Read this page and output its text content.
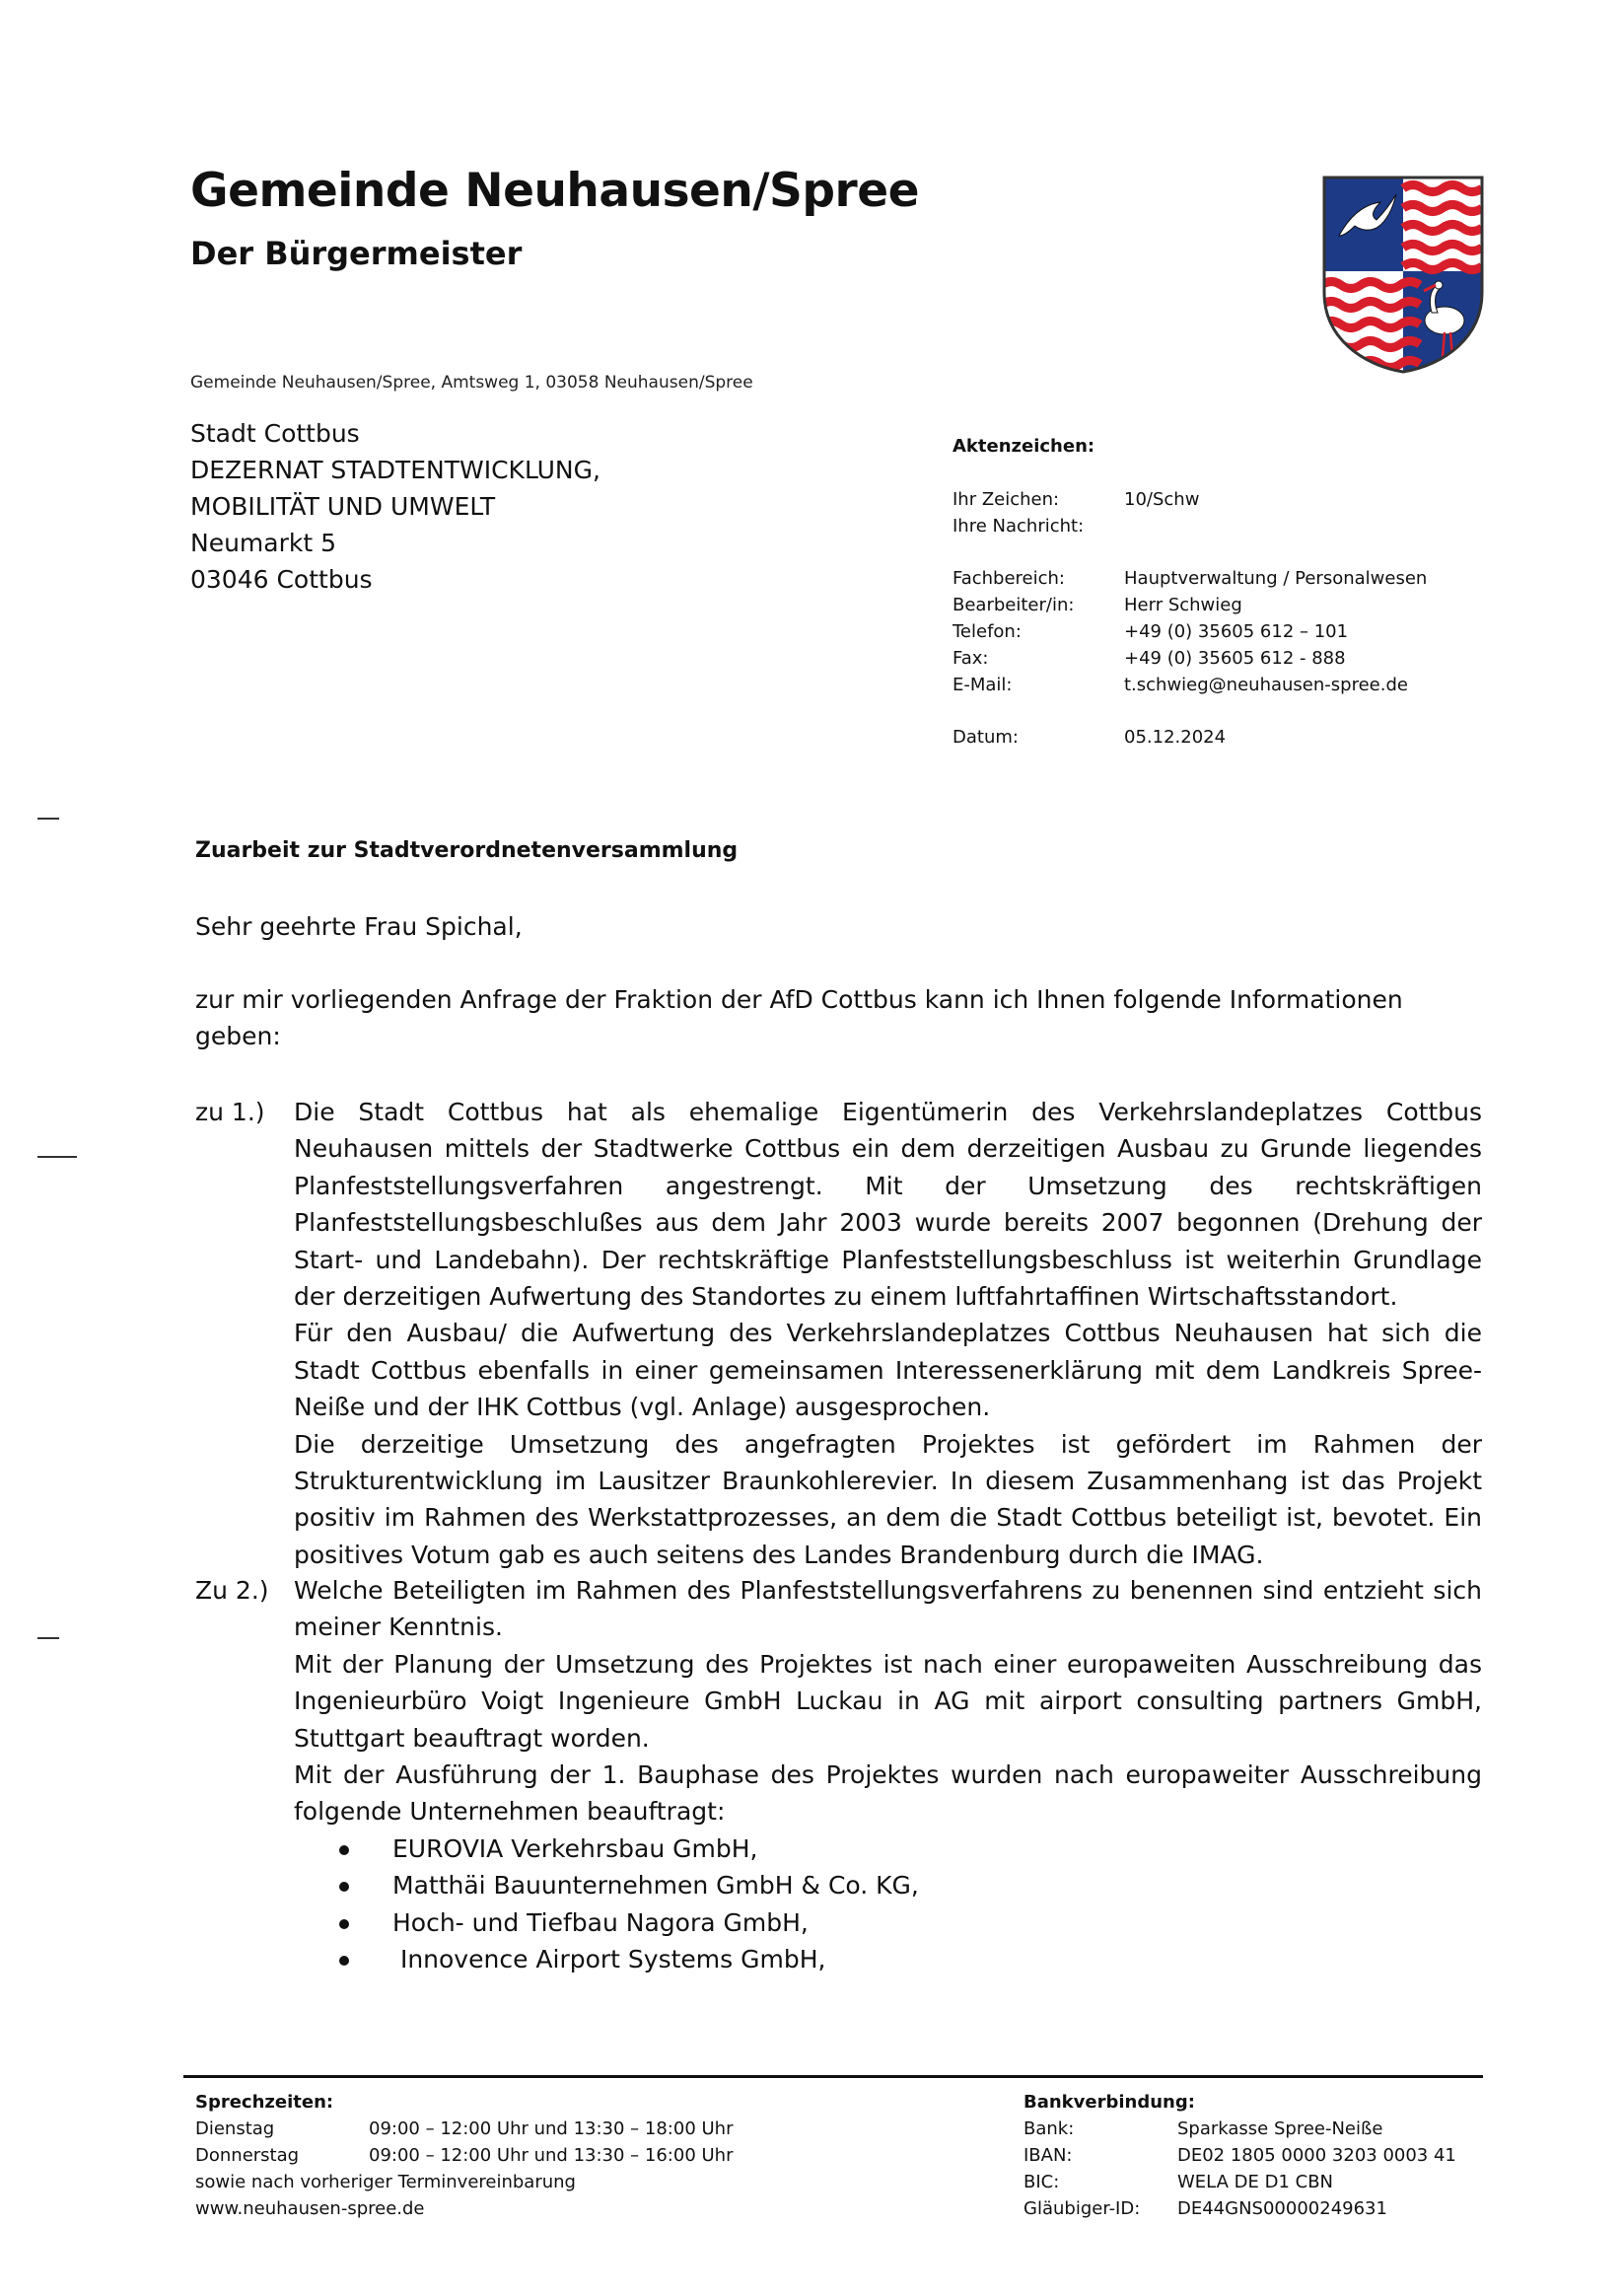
Gemeinde Neuhausen/Spree
Der Bürgermeister
Gemeinde Neuhausen/Spree, Amtsweg 1, 03058 Neuhausen/Spree
Stadt Cottbus
DEZERNAT STADTENTWICKLUNG,
MOBILITÄT UND UMWELT
Neumarkt 5
03046 Cottbus
Aktenzeichen:
Ihr Zeichen:	10/Schw
Ihre Nachricht:
Fachbereich:	Hauptverwaltung / Personalwesen
Bearbeiter/in:	Herr Schwieg
Telefon:	+49 (0) 35605 612 – 101
Fax:	+49 (0) 35605 612 - 888
E-Mail:	t.schwieg@neuhausen-spree.de
Datum:	05.12.2024
Zuarbeit zur Stadtverordnetenversammlung
Sehr geehrte Frau Spichal,
zur mir vorliegenden Anfrage der Fraktion der AfD Cottbus kann ich Ihnen folgende Informationen geben:
zu 1.)	Die Stadt Cottbus hat als ehemalige Eigentümerin des Verkehrslandeplatzes Cottbus Neuhausen mittels der Stadtwerke Cottbus ein dem derzeitigen Ausbau zu Grunde liegendes Planfeststellungsverfahren angestrengt. Mit der Umsetzung des rechtskräftigen Planfeststellungsbeschlußes aus dem Jahr 2003 wurde bereits 2007 begonnen (Drehung der Start- und Landebahn). Der rechtskräftige Planfeststellungsbeschluss ist weiterhin Grundlage der derzeitigen Aufwertung des Standortes zu einem luftfahrtaffinen Wirtschaftsstandort.

Für den Ausbau/ die Aufwertung des Verkehrslandeplatzes Cottbus Neuhausen hat sich die Stadt Cottbus ebenfalls in einer gemeinsamen Interessenerklärung mit dem Landkreis Spree-Neiße und der IHK Cottbus (vgl. Anlage) ausgesprochen.

Die derzeitige Umsetzung des angefragten Projektes ist gefördert im Rahmen der Strukturentwicklung im Lausitzer Braunkohlerevier. In diesem Zusammenhang ist das Projekt positiv im Rahmen des Werkstattprozesses, an dem die Stadt Cottbus beteiligt ist, bevotet. Ein positives Votum gab es auch seitens des Landes Brandenburg durch die IMAG.

Zu 2.)	Welche Beteiligten im Rahmen des Planfeststellungsverfahrens zu benennen sind entzieht sich meiner Kenntnis.

Mit der Planung der Umsetzung des Projektes ist nach einer europaweiten Ausschreibung das Ingenieurbüro Voigt Ingenieure GmbH Luckau in AG mit airport consulting partners GmbH, Stuttgart beauftragt worden.

Mit der Ausführung der 1. Bauphase des Projektes wurden nach europaweiter Ausschreibung folgende Unternehmen beauftragt:

EUROVIA Verkehrsbau GmbH,
Matthäi Bauunternehmen GmbH & Co. KG,
Hoch- und Tiefbau Nagora GmbH,
Innovence Airport Systems GmbH,
Sprechzeiten:
Dienstag	09:00 – 12:00 Uhr und 13:30 – 18:00 Uhr
Donnerstag	09:00 – 12:00 Uhr und 13:30 – 16:00 Uhr
sowie nach vorheriger Terminvereinbarung
www.neuhausen-spree.de
Bankverbindung:
Bank:	Sparkasse Spree-Neiße
IBAN:	DE02 1805 0000 3203 0003 41
BIC:	WELA DE D1 CBN
Gläubiger-ID:	DE44GNS00000249631
